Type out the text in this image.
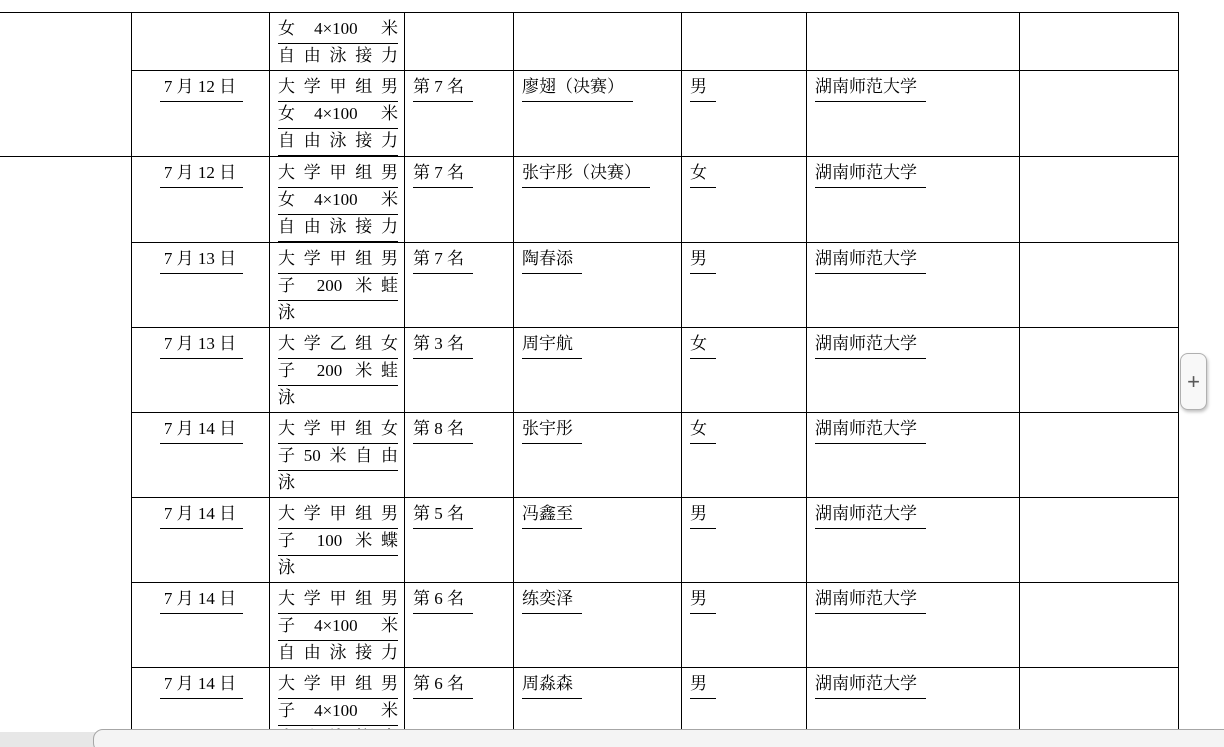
		女4×100 米
自由泳接力					

	7 月 12 日	大学甲组男
女4×100 米
自由泳接力	第 7 名	廖翅（决赛）	男	湖南师范大学	

	7 月 12 日	大学甲组男
女4×100 米
自由泳接力	第 7 名	张宇彤（决赛）	女	湖南师范大学	

	7 月 13 日	大学甲组男
子 200 米蛙
泳	第 7 名	陶春添	男	湖南师范大学	

	7 月 13 日	大学乙组女
子 200 米蛙
泳	第 3 名	周宇航	女	湖南师范大学	

	7 月 14 日	大学甲组女
子50米自由
泳	第 8 名	张宇彤	女	湖南师范大学	

	7 月 14 日	大学甲组男
子 100 米蝶
泳	第 5 名	冯鑫至	男	湖南师范大学	

	7 月 14 日	大学甲组男
子4×100 米
自由泳接力	第 6 名	练奕泽	男	湖南师范大学	

	7 月 14 日	大学甲组男
子4×100 米	第 6 名	周淼森	男	湖南师范大学	

+
